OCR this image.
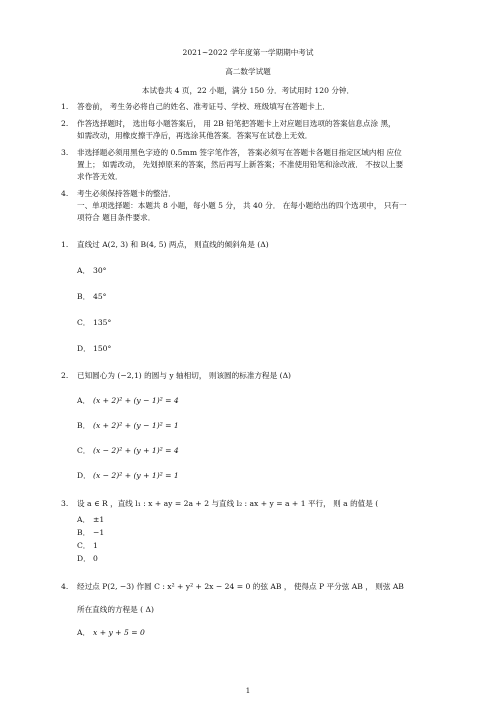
2021~2022 学年度第一学期期中考试
高二数学试题
本试卷共 4 页，22 小题，满分 150 分．考试用时 120 分钟．
1. 答卷前， 考生务必将自己的姓名、准考证号、学校、班级填写在答题卡上．
2. 作答选择题时， 选出每小题答案后， 用 2B 铅笔把答题卡上对应题目选项的答案信息点涂 黑，
如需改动，用橡皮擦干净后，再选涂其他答案．答案写在试卷上无效．
3. 非选择题必须用黑色字迹的 0.5mm 签字笔作答， 答案必须写在答题卡各题目指定区域内相 应位
置上； 如需改动， 先划掉原来的答案，然后再写上新答案；不准使用铅笔和涂改液． 不按以上要
求作答无效．
4. 考生必须保持答题卡的整洁．
一、单项选择题：本题共 8 小题，每小题 5 分， 共 40 分． 在每小题给出的四个选项中， 只有一
项符合 题目条件要求．
1. 直线过 A(2, 3) 和 B(4, 5) 两点， 则直线的倾斜角是 (Δ)
A． 30°
B． 45°
C． 135°
D． 150°
2. 已知圆心为 (−2,1) 的圆与 y 轴相切， 则该圆的标准方程是 (Δ)
A． (x + 2)² + (y − 1)² = 4
B． (x + 2)² + (y − 1)² = 1
C． (x − 2)² + (y + 1)² = 4
D． (x − 2)² + (y + 1)² = 1
3. 设 a ∈ R ，直线 l₁ : x + ay = 2a + 2 与直线 l₂ : ax + y = a + 1 平行， 则 a 的值是 (
A． ±1
B． −1
C． 1
D． 0
4. 经过点 P(2, −3) 作圆 C : x² + y² + 2x − 24 = 0 的弦 AB ， 使得点 P 平分弦 AB ， 则弦 AB
所在直线的方程是 ( Δ)
A． x + y + 5 = 0
1
